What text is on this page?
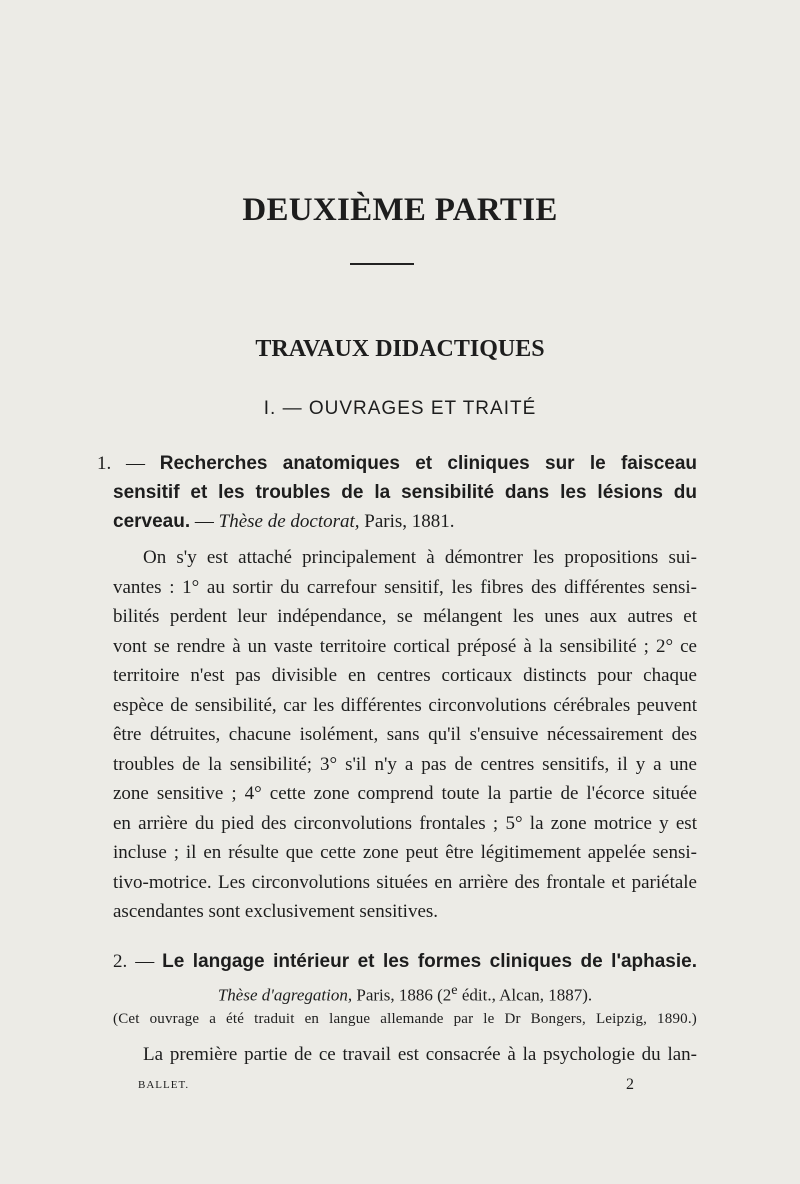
DEUXIÈME PARTIE
TRAVAUX DIDACTIQUES
I. — OUVRAGES ET TRAITÉ
1. — Recherches anatomiques et cliniques sur le faisceau
sensitif et les troubles de la sensibilité dans les lésions du
cerveau. — Thèse de doctorat, Paris, 1881.
On s'y est attaché principalement à démontrer les propositions sui-
vantes : 1° au sortir du carrefour sensitif, les fibres des différentes sensi-
bilités perdent leur indépendance, se mélangent les unes aux autres et
vont se rendre à un vaste territoire cortical préposé à la sensibilité ; 2° ce
territoire n'est pas divisible en centres corticaux distincts pour chaque
espèce de sensibilité, car les différentes circonvolutions cérébrales peuvent
être détruites, chacune isolément, sans qu'il s'ensuive nécessairement des
troubles de la sensibilité; 3° s'il n'y a pas de centres sensitifs, il y a une
zone sensitive ; 4° cette zone comprend toute la partie de l'écorce située
en arrière du pied des circonvolutions frontales ; 5° la zone motrice y est
incluse ; il en résulte que cette zone peut être légitimement appelée sensi-
tivo-motrice. Les circonvolutions situées en arrière des frontale et pariétale
ascendantes sont exclusivement sensitives.
2. — Le langage intérieur et les formes cliniques de l'aphasie.
Thèse d'agregation, Paris, 1886 (2e édit., Alcan, 1887).
(Cet ouvrage a été traduit en langue allemande par le Dr Bongers, Leipzig, 1890.)
La première partie de ce travail est consacrée à la psychologie du lan-
BALLET.	2
